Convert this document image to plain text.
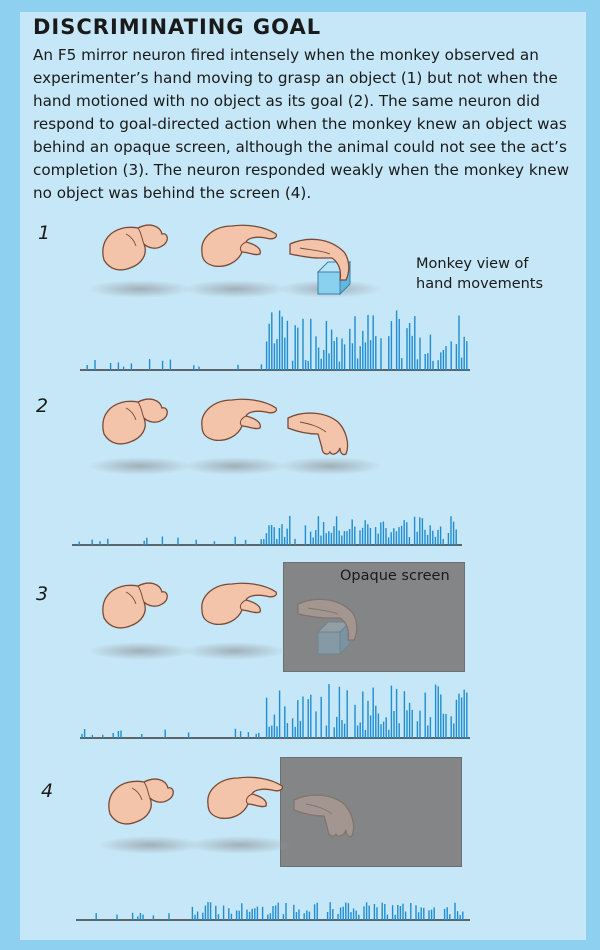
DISCRIMINATING GOAL
An F5 mirror neuron fired intensely when the monkey observed an experimenter’s hand moving to grasp an object (1) but not when the hand motioned with no object as its goal (2). The same neuron did respond to goal-directed action when the monkey knew an object was behind an opaque screen, although the animal could not see the act’s completion (3). The neuron responded weakly when the monkey knew no object was behind the screen (4).
1
2
3
4
Monkey view of hand movements
Opaque screen
